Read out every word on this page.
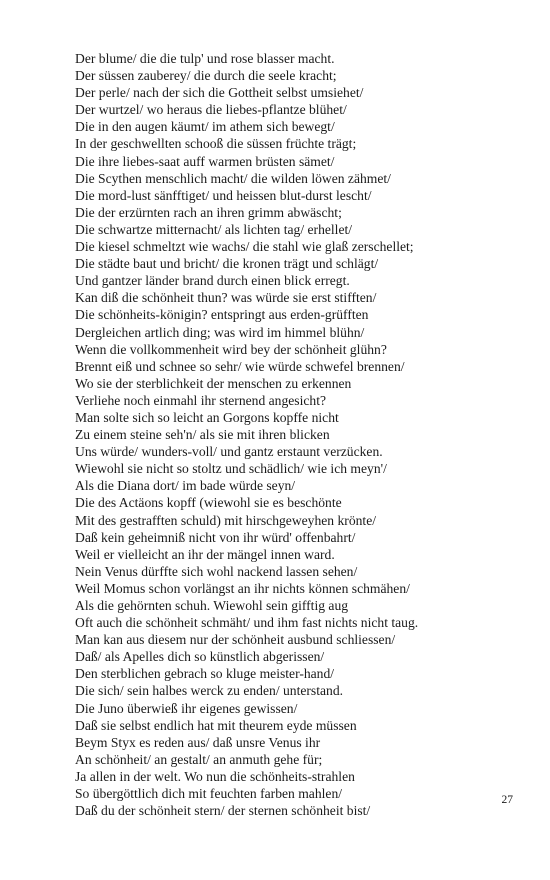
Der blume/ die die tulp' und rose blasser macht.
Der süssen zauberey/ die durch die seele kracht;
Der perle/ nach der sich die Gottheit selbst umsiehet/
Der wurtzel/ wo heraus die liebes-pflantze blühet/
Die in den augen käumt/ im athem sich bewegt/
In der geschwellten schooß die süssen früchte trägt;
Die ihre liebes-saat auff warmen brüsten sämet/
Die Scythen menschlich macht/ die wilden löwen zähmet/
Die mord-lust sänfftiget/ und heissen blut-durst lescht/
Die der erzürnten rach an ihren grimm abwäscht;
Die schwartze mitternacht/ als lichten tag/ erhellet/
Die kiesel schmeltzt wie wachs/ die stahl wie glaß zerschellet;
Die städte baut und bricht/ die kronen trägt und schlägt/
Und gantzer länder brand durch einen blick erregt.
Kan diß die schönheit thun? was würde sie erst stifften/
Die schönheits-königin? entspringt aus erden-grüfften
Dergleichen artlich ding; was wird im himmel blühn/
Wenn die vollkommenheit wird bey der schönheit glühn?
Brennt eiß und schnee so sehr/ wie würde schwefel brennen/
Wo sie der sterblichkeit der menschen zu erkennen
Verliehe noch einmahl ihr sternend angesicht?
Man solte sich so leicht an Gorgons kopffe nicht
Zu einem steine seh'n/ als sie mit ihren blicken
Uns würde/ wunders-voll/ und gantz erstaunt verzücken.
Wiewohl sie nicht so stoltz und schädlich/ wie ich meyn'/
Als die Diana dort/ im bade würde seyn/
Die des Actäons kopff (wiewohl sie es beschönte
Mit des gestrafften schuld) mit hirschgeweyhen krönte/
Daß kein geheimniß nicht von ihr würd' offenbahrt/
Weil er vielleicht an ihr der mängel innen ward.
Nein Venus dürffte sich wohl nackend lassen sehen/
Weil Momus schon vorlängst an ihr nichts können schmähen/
Als die gehörnten schuh. Wiewohl sein gifftig aug
Oft auch die schönheit schmäht/ und ihm fast nichts nicht taug.
Man kan aus diesem nur der schönheit ausbund schliessen/
Daß/ als Apelles dich so künstlich abgerissen/
Den sterblichen gebrach so kluge meister-hand/
Die sich/ sein halbes werck zu enden/ unterstand.
Die Juno überwieß ihr eigenes gewissen/
Daß sie selbst endlich hat mit theurem eyde müssen
Beym Styx es reden aus/ daß unsre Venus ihr
An schönheit/ an gestalt/ an anmuth gehe für;
Ja allen in der welt. Wo nun die schönheits-strahlen
So übergöttlich dich mit feuchten farben mahlen/
Daß du der schönheit stern/ der sternen schönheit bist/
27
